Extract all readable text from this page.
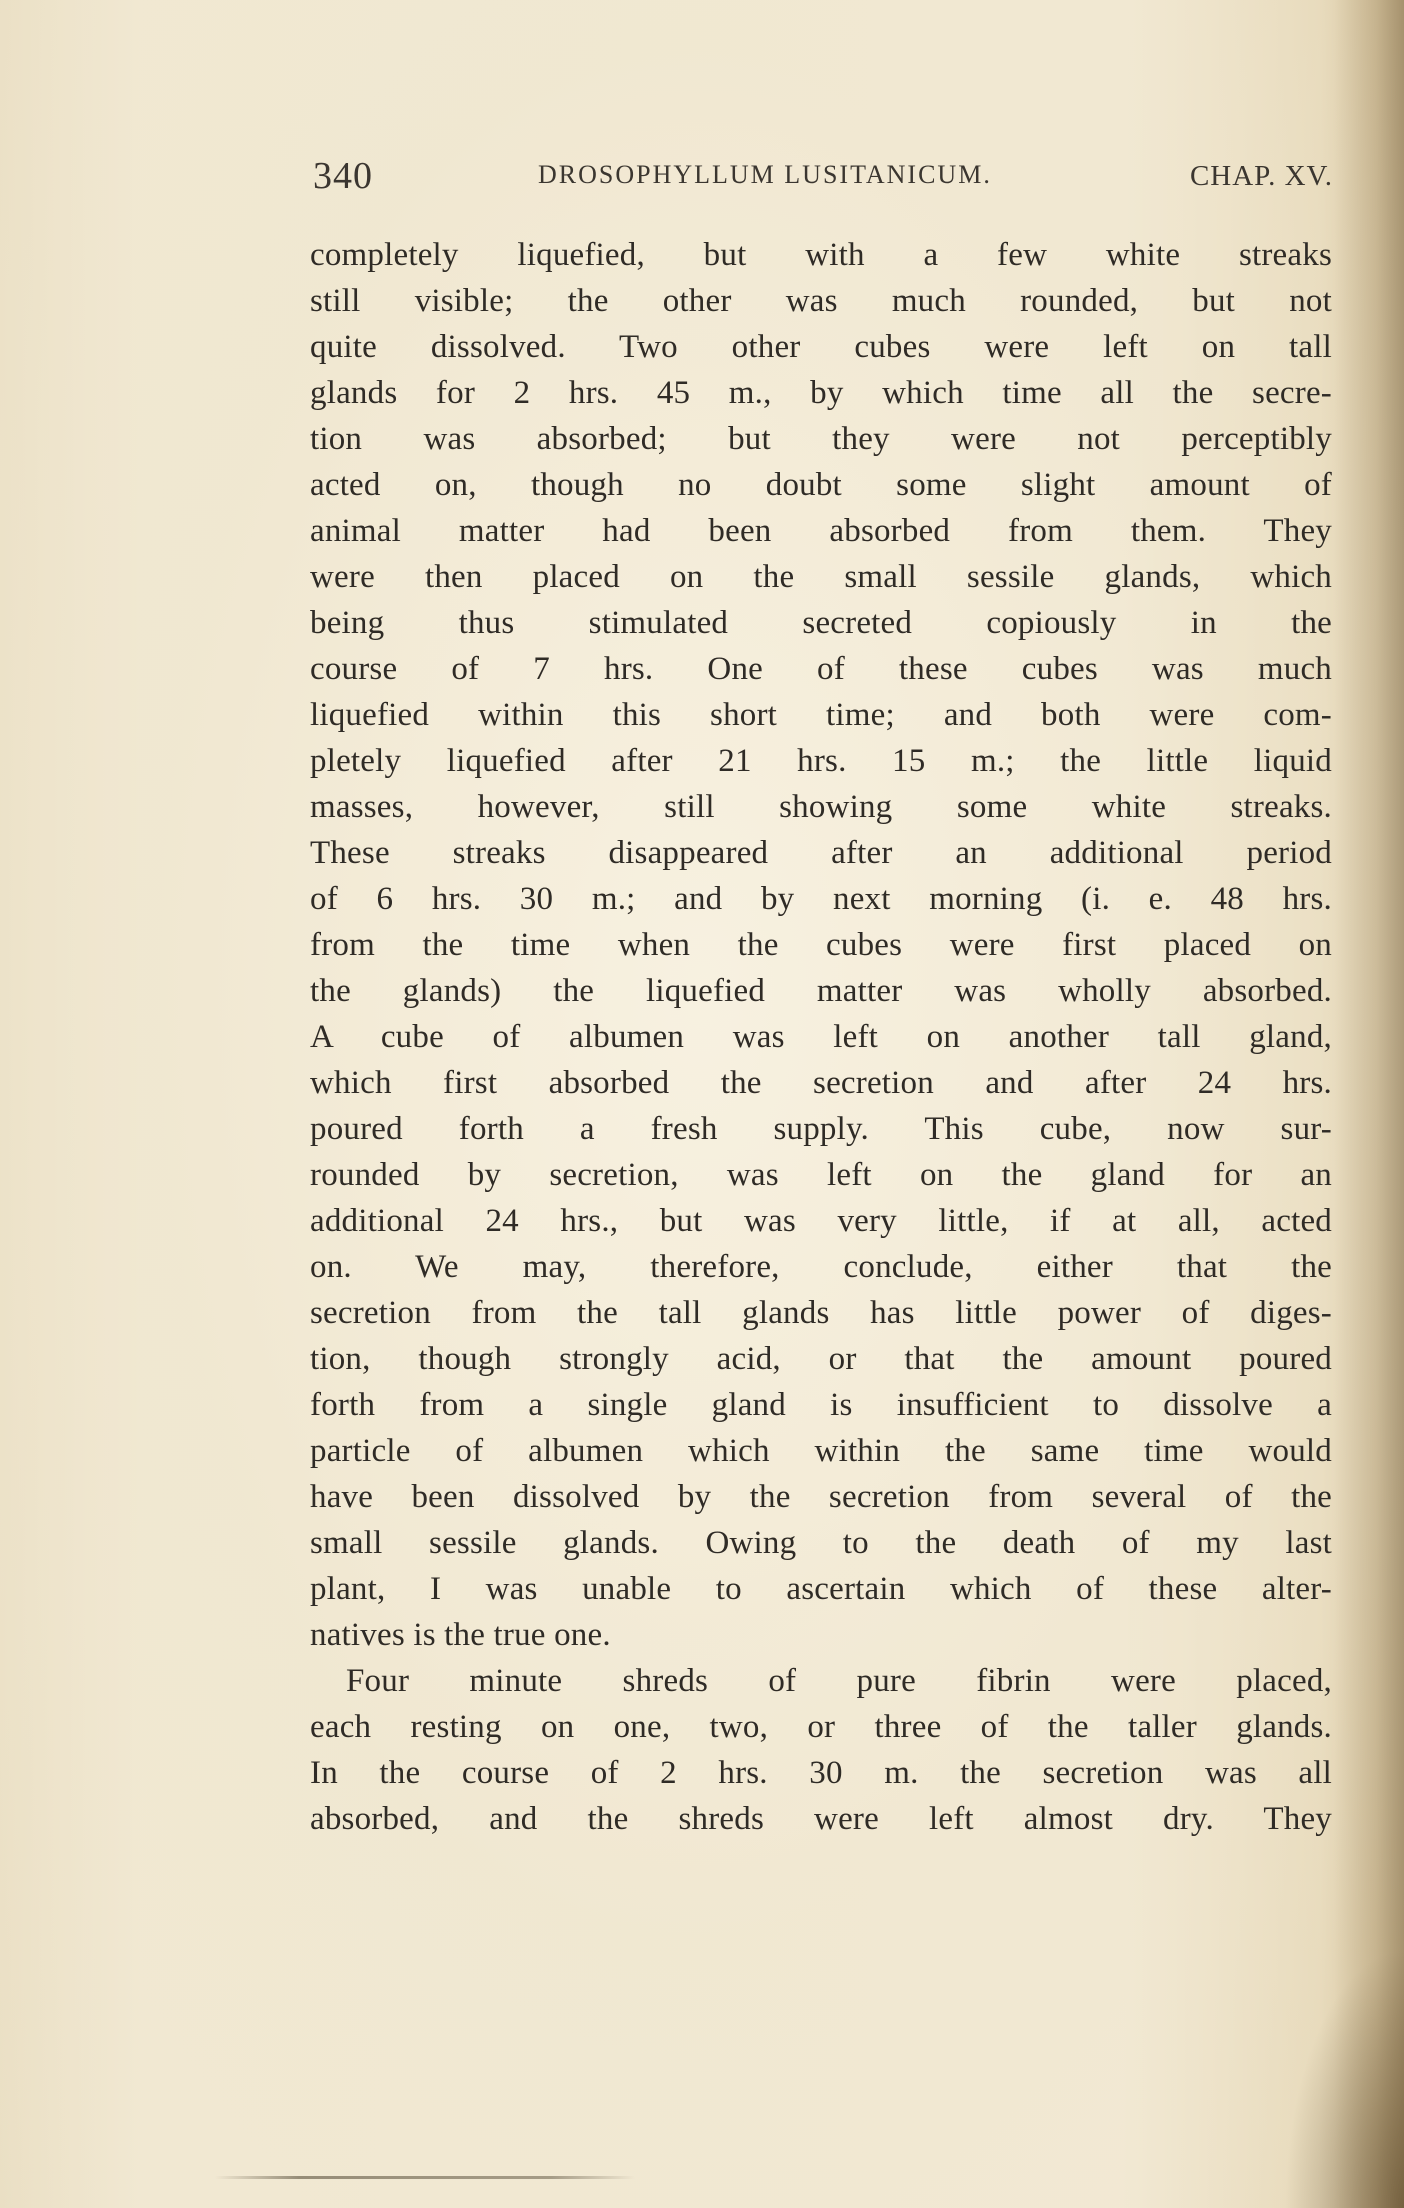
340	DROSOPHYLLUM LUSITANICUM.	CHAP. XV.
completely liquefied, but with a few white streaks
still visible; the other was much rounded, but not
quite dissolved. Two other cubes were left on tall
glands for 2 hrs. 45 m., by which time all the secre-
tion was absorbed; but they were not perceptibly
acted on, though no doubt some slight amount of
animal matter had been absorbed from them. They
were then placed on the small sessile glands, which
being thus stimulated secreted copiously in the
course of 7 hrs. One of these cubes was much
liquefied within this short time; and both were com-
pletely liquefied after 21 hrs. 15 m.; the little liquid
masses, however, still showing some white streaks.
These streaks disappeared after an additional period
of 6 hrs. 30 m.; and by next morning (i. e. 48 hrs.
from the time when the cubes were first placed on
the glands) the liquefied matter was wholly absorbed.
A cube of albumen was left on another tall gland,
which first absorbed the secretion and after 24 hrs.
poured forth a fresh supply. This cube, now sur-
rounded by secretion, was left on the gland for an
additional 24 hrs., but was very little, if at all, acted
on. We may, therefore, conclude, either that the
secretion from the tall glands has little power of diges-
tion, though strongly acid, or that the amount poured
forth from a single gland is insufficient to dissolve a
particle of albumen which within the same time would
have been dissolved by the secretion from several of the
small sessile glands. Owing to the death of my last
plant, I was unable to ascertain which of these alter-
natives is the true one.
Four minute shreds of pure fibrin were placed,
each resting on one, two, or three of the taller glands.
In the course of 2 hrs. 30 m. the secretion was all
absorbed, and the shreds were left almost dry. They
